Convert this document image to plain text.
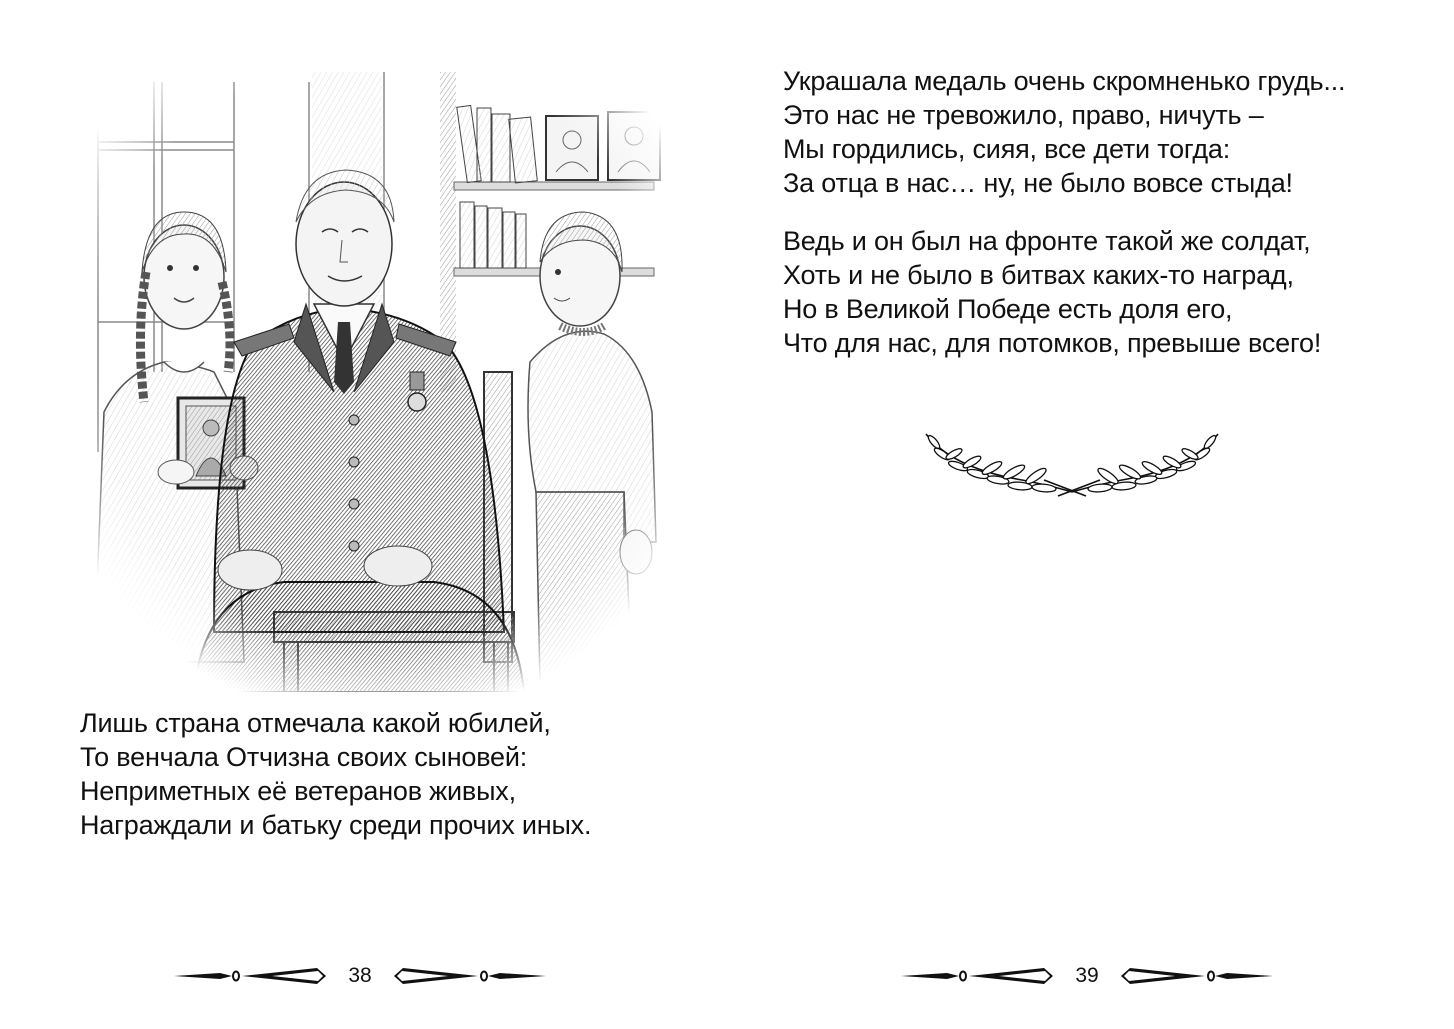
Лишь страна отмечала какой юбилей,
То венчала Отчизна своих сыновей:
Неприметных её ветеранов живых,
Награждали и батьку среди прочих иных.
38
Украшала медаль очень скромненько грудь...
Это нас не тревожило, право, ничуть –
Мы гордились, сияя, все дети тогда:
За отца в нас… ну, не было вовсе стыда!
Ведь и он был на фронте такой же солдат,
Хоть и не было в битвах каких-то наград,
Но в Великой Победе есть доля его,
Что для нас, для потомков, превыше всего!
39
